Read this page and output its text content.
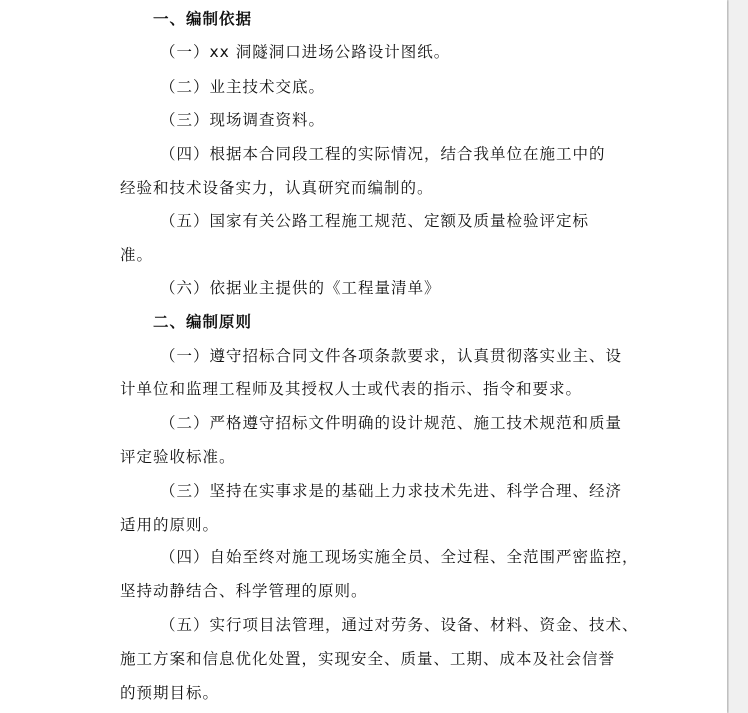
一、编制依据
（一）xx 洞隧洞口进场公路设计图纸。
（二）业主技术交底。
（三）现场调查资料。
（四）根据本合同段工程的实际情况，结合我单位在施工中的
经验和技术设备实力，认真研究而编制的。
（五）国家有关公路工程施工规范、定额及质量检验评定标
准。
（六）依据业主提供的《工程量清单》
二、编制原则
（一）遵守招标合同文件各项条款要求，认真贯彻落实业主、设
计单位和监理工程师及其授权人士或代表的指示、指令和要求。
（二）严格遵守招标文件明确的设计规范、施工技术规范和质量
评定验收标准。
（三）坚持在实事求是的基础上力求技术先进、科学合理、经济
适用的原则。
（四）自始至终对施工现场实施全员、全过程、全范围严密监控，
坚持动静结合、科学管理的原则。
（五）实行项目法管理，通过对劳务、设备、材料、资金、技术、
施工方案和信息优化处置，实现安全、质量、工期、成本及社会信誉
的预期目标。
